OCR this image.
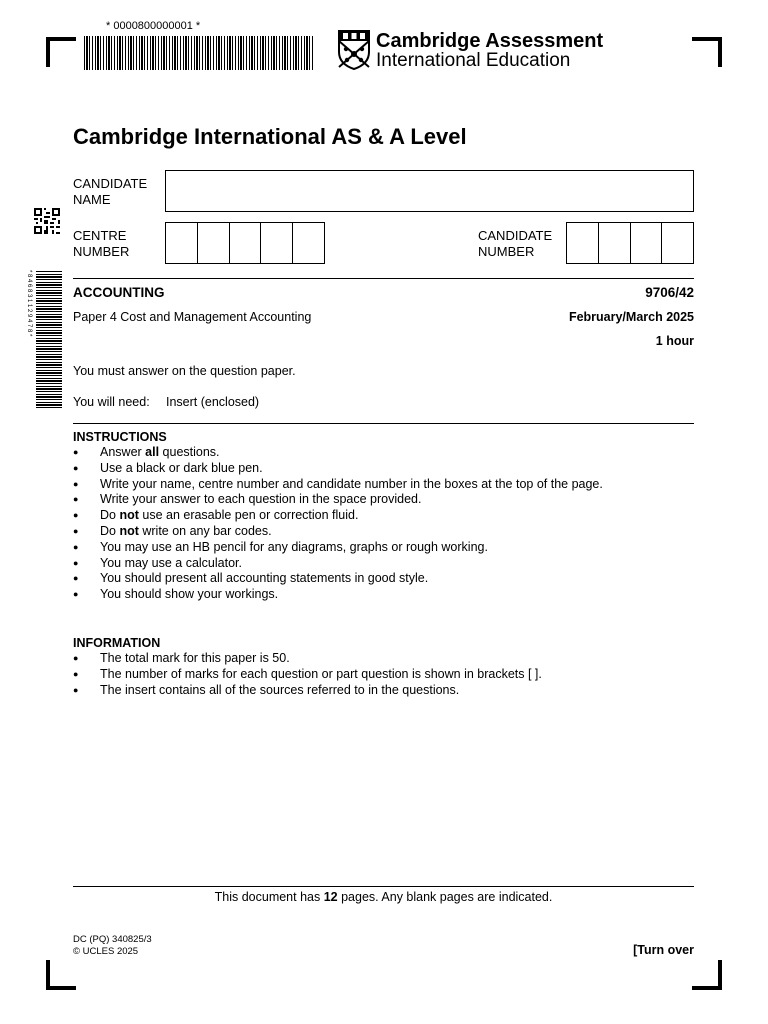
* 0000800000001 *
Cambridge Assessment
International Education
Cambridge International AS & A Level
* 8 4 6 8 3 1 1 2 9 4 7 8 *
CANDIDATE
NAME
CENTRE
NUMBER
CANDIDATE
NUMBER
ACCOUNTING	9706/42
Paper 4 Cost and Management Accounting	February/March 2025
1 hour
You must answer on the question paper.
You will need: Insert (enclosed)
INSTRUCTIONS
● Answer all questions.
● Use a black or dark blue pen.
● Write your name, centre number and candidate number in the boxes at the top of the page.
● Write your answer to each question in the space provided.
● Do not use an erasable pen or correction fluid.
● Do not write on any bar codes.
● You may use an HB pencil for any diagrams, graphs or rough working.
● You may use a calculator.
● You should present all accounting statements in good style.
● You should show your workings.
INFORMATION
● The total mark for this paper is 50.
● The number of marks for each question or part question is shown in brackets [ ].
● The insert contains all of the sources referred to in the questions.
This document has 12 pages. Any blank pages are indicated.
DC (PQ) 340825/3
© UCLES 2025	[Turn over
